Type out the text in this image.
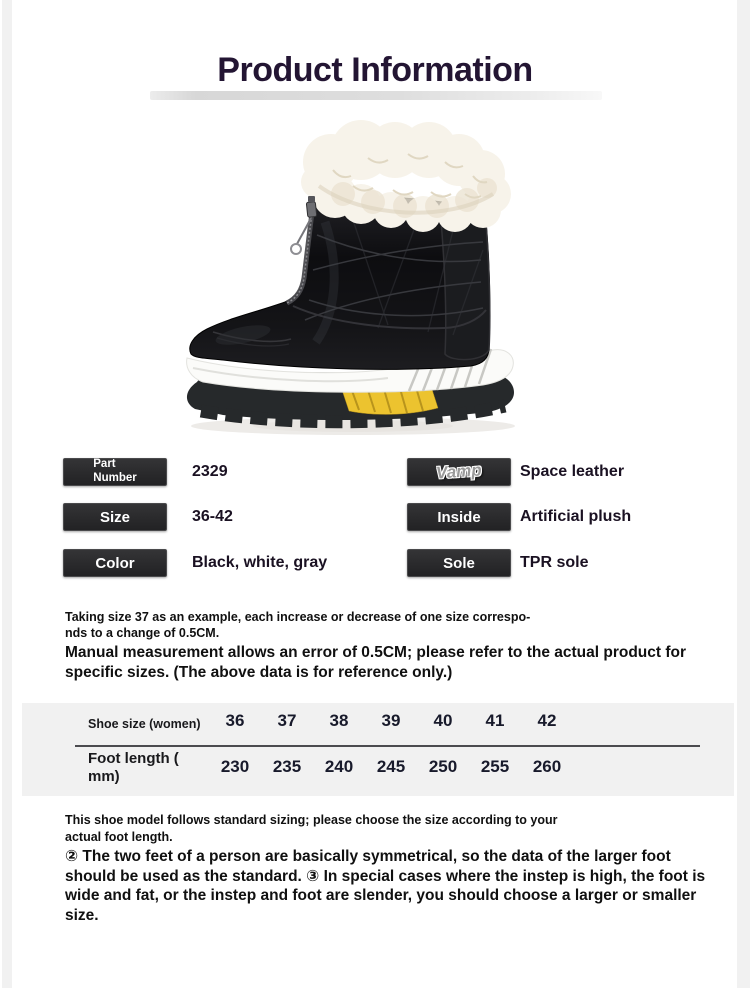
Product Information
Part
Number	2329
Size	36-42
Color	Black, white, gray
Vamp Space leather
Inside	Artificial plush
Sole	TPR sole
Taking size 37 as an example, each increase or decrease of one size correspo-
nds to a change of 0.5CM.
Manual measurement allows an error of 0.5CM; please refer to the actual product for specific sizes. (The above data is for reference only.)
Shoe size (women)	36	37	38	39	40	41	42
Foot length (
mm)
230	235	240	245	250	255	260
This shoe model follows standard sizing; please choose the size according to your
actual foot length.
② The two feet of a person are basically symmetrical, so the data of the larger foot should be used as the standard. ③ In special cases where the instep is high, the foot is wide and fat, or the instep and foot are slender, you should choose a larger or smaller size.
